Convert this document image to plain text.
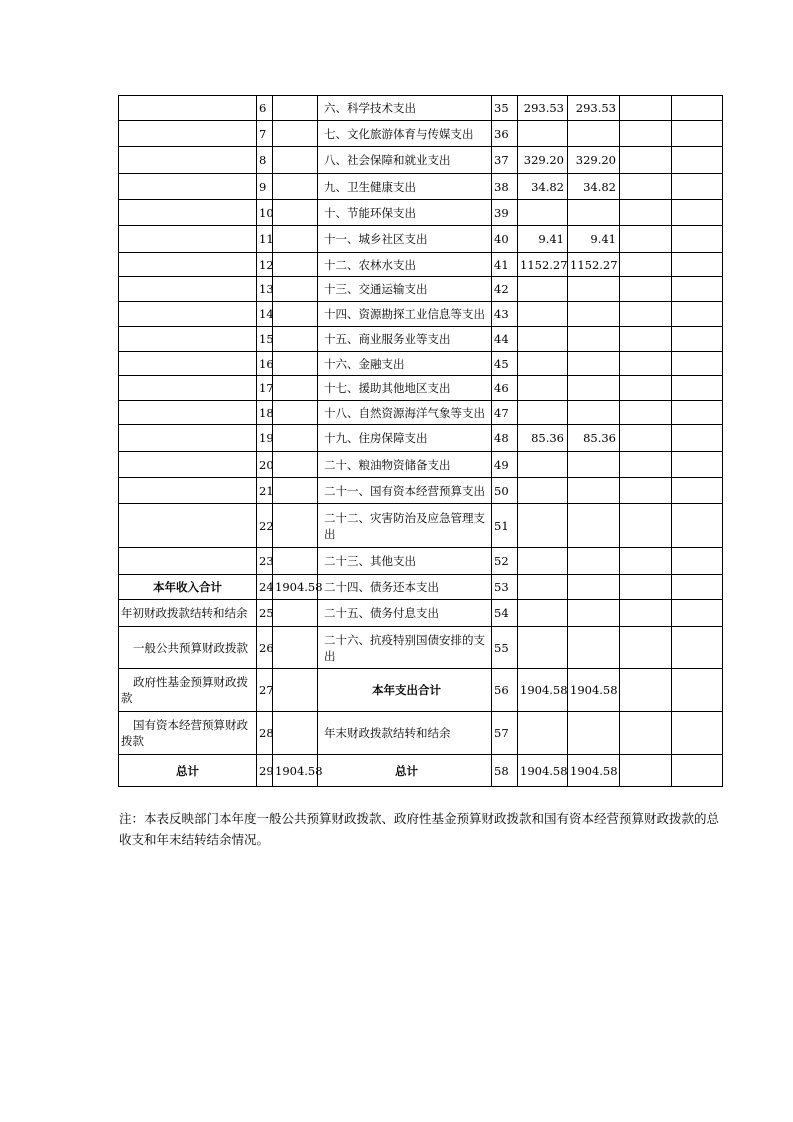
	6		六、科学技术支出	35	293.53	293.53		
	7		七、文化旅游体育与传媒支出	36				
	8		八、社会保障和就业支出	37	329.20	329.20		
	9		九、卫生健康支出	38	34.82	34.82		
	10		十、节能环保支出	39				
	11		十一、城乡社区支出	40	9.41	9.41		
	12		十二、农林水支出	41	1152.27	1152.27		
	13		十三、交通运输支出	42				
	14		十四、资源勘探工业信息等支出	43				
	15		十五、商业服务业等支出	44				
	16		十六、金融支出	45				
	17		十七、援助其他地区支出	46				
	18		十八、自然资源海洋气象等支出	47				
	19		十九、住房保障支出	48	85.36	85.36		
	20		二十、粮油物资储备支出	49				
	21		二十一、国有资本经营预算支出	50				
	22		二十二、灾害防治及应急管理支出	51				
	23		二十三、其他支出	52				
本年收入合计	24	1904.58	二十四、债务还本支出	53				
年初财政拨款结转和结余	25		二十五、债务付息支出	54				
一般公共预算财政拨款	26		二十六、抗疫特别国债安排的支出	55				
政府性基金预算财政拨款	27		本年支出合计	56	1904.58	1904.58		
国有资本经营预算财政拨款	28		年末财政拨款结转和结余	57				
总计	29	1904.58	总计	58	1904.58	1904.58		

注：本表反映部门本年度一般公共预算财政拨款、政府性基金预算财政拨款和国有资本经营预算财政拨款的总收支和年末结转结余情况。
